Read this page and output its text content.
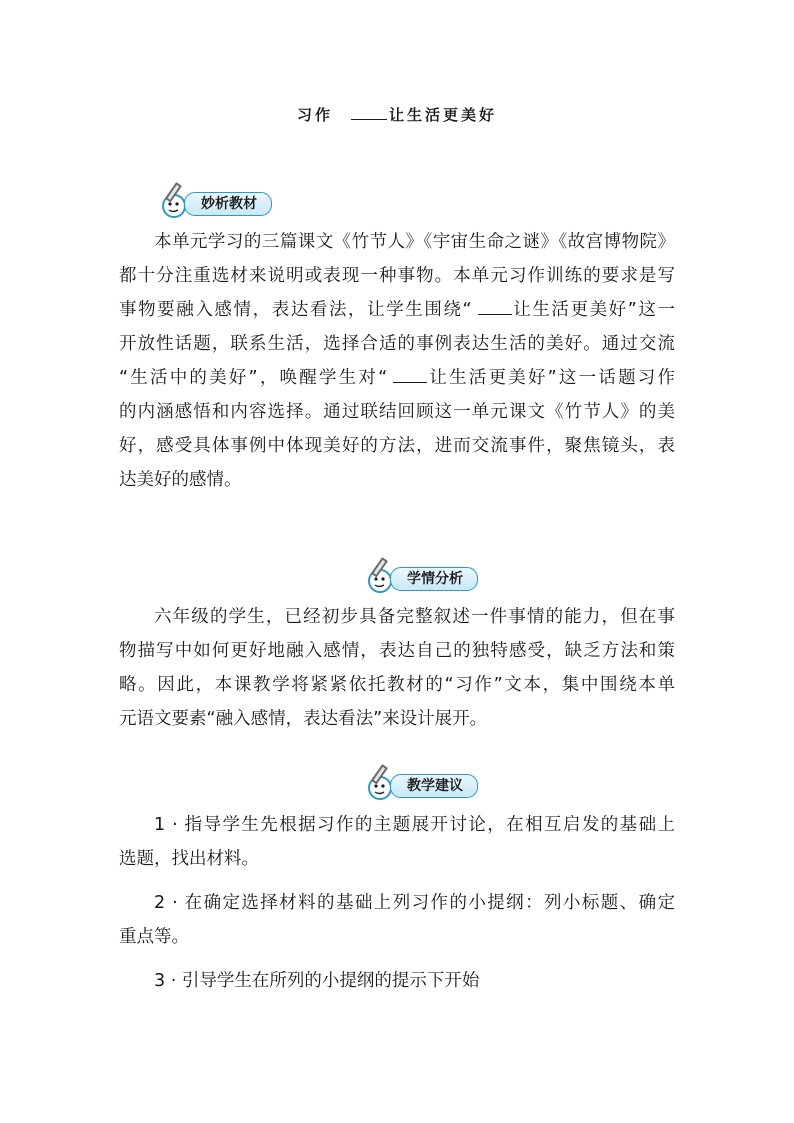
习作	让生活更美好
妙析教材
本单元学习的三篇课文《竹节人》《宇宙生命之谜》《故宫博物院》
都十分注重选材来说明或表现一种事物。本单元习作训练的要求是写
事物要融入感情，表达看法，让学生围绕“ 让生活更美好”这一
开放性话题，联系生活，选择合适的事例表达生活的美好。通过交流
“生活中的美好”，唤醒学生对“ 让生活更美好”这一话题习作
的内涵感悟和内容选择。通过联结回顾这一单元课文《竹节人》的美
好，感受具体事例中体现美好的方法，进而交流事件，聚焦镜头，表
达美好的感情。
学情分析
六年级的学生，已经初步具备完整叙述一件事情的能力，但在事
物描写中如何更好地融入感情，表达自己的独特感受，缺乏方法和策
略。因此，本课教学将紧紧依托教材的“习作”文本，集中围绕本单
元语文要素“融入感情，表达看法”来设计展开。
教学建议
1 · 指导学生先根据习作的主题展开讨论，在相互启发的基础上
选题，找出材料。
2 · 在确定选择材料的基础上列习作的小提纲：列小标题、确定
重点等。
3 · 引导学生在所列的小提纲的提示下开始
